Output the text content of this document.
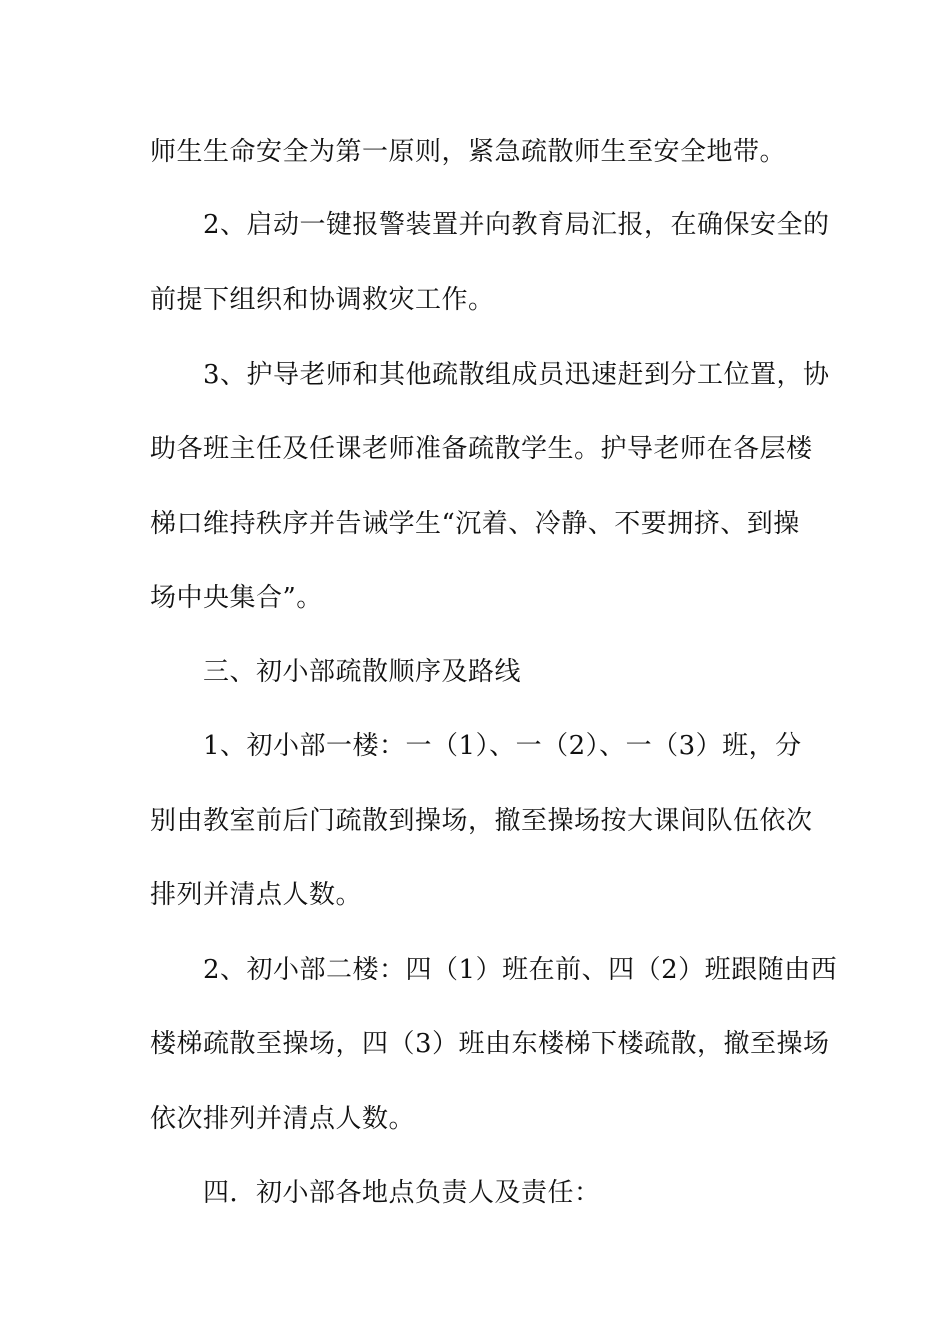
师生生命安全为第一原则，紧急疏散师生至安全地带。
2、启动一键报警装置并向教育局汇报，在确保安全的
前提下组织和协调救灾工作。
3、护导老师和其他疏散组成员迅速赶到分工位置，协
助各班主任及任课老师准备疏散学生。护导老师在各层楼
梯口维持秩序并告诫学生“沉着、冷静、不要拥挤、到操
场中央集合”。
三、初小部疏散顺序及路线
1、初小部一楼：一（1）、一（2）、一（3）班，分
别由教室前后门疏散到操场，撤至操场按大课间队伍依次
排列并清点人数。
2、初小部二楼：四（1）班在前、四（2）班跟随由西
楼梯疏散至操场，四（3）班由东楼梯下楼疏散，撤至操场
依次排列并清点人数。
四．初小部各地点负责人及责任：
